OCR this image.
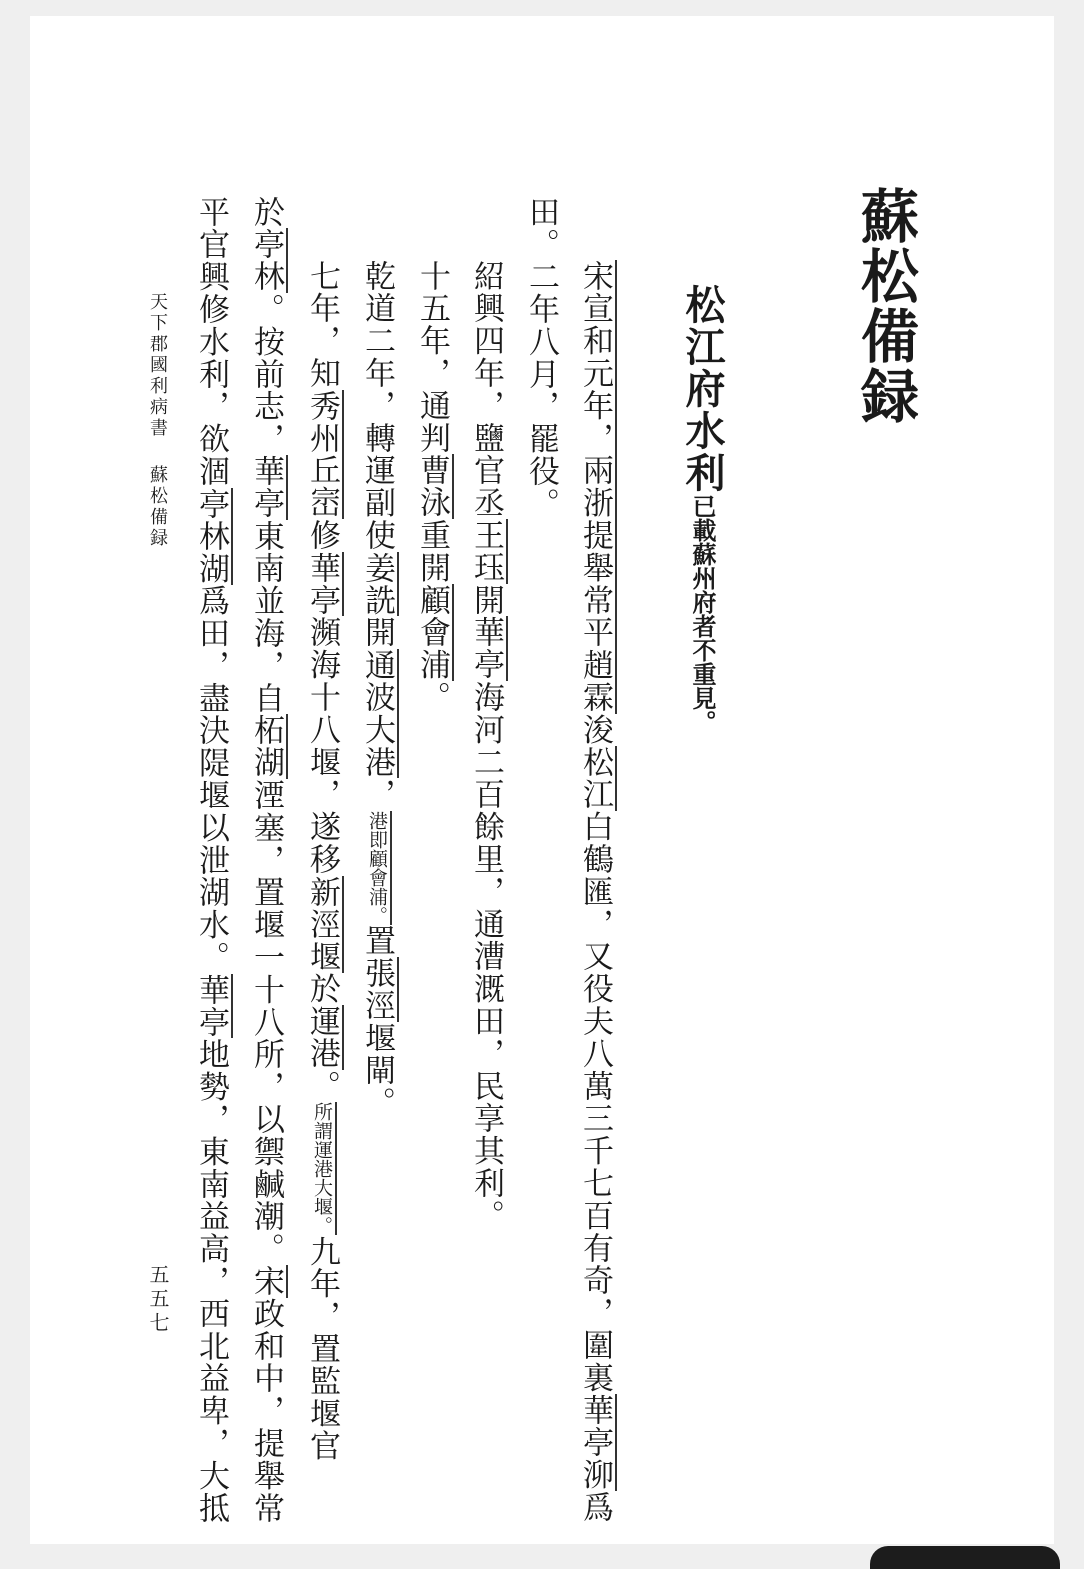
蘇松備録
松江府水利已載蘇州府者不重見。
宋宣和元年，兩浙提舉常平趙霖浚松江白鶴匯，又役夫八萬三千七百有奇，圍裏華亭泖爲
田。二年八月，罷役。
紹興四年，鹽官丞王珏開華亭海河二百餘里，通漕溉田，民享其利。
十五年，通判曹泳重開顧會浦。
乾道二年，轉運副使姜詵開通波大港，港即顧會浦。置張涇堰閘。
七年，知秀州丘崈修華亭瀕海十八堰，遂移新涇堰於運港。所謂運港大堰。九年，置監堰官
於亭林。按前志，華亭東南並海，自柘湖湮塞，置堰一十八所，以禦鹹潮。宋政和中，提舉常
平官興修水利，欲涸亭林湖爲田，盡決隄堰以泄湖水。華亭地勢，東南益高，西北益卑，大抵
天下郡國利病書蘇松備録
五五七
